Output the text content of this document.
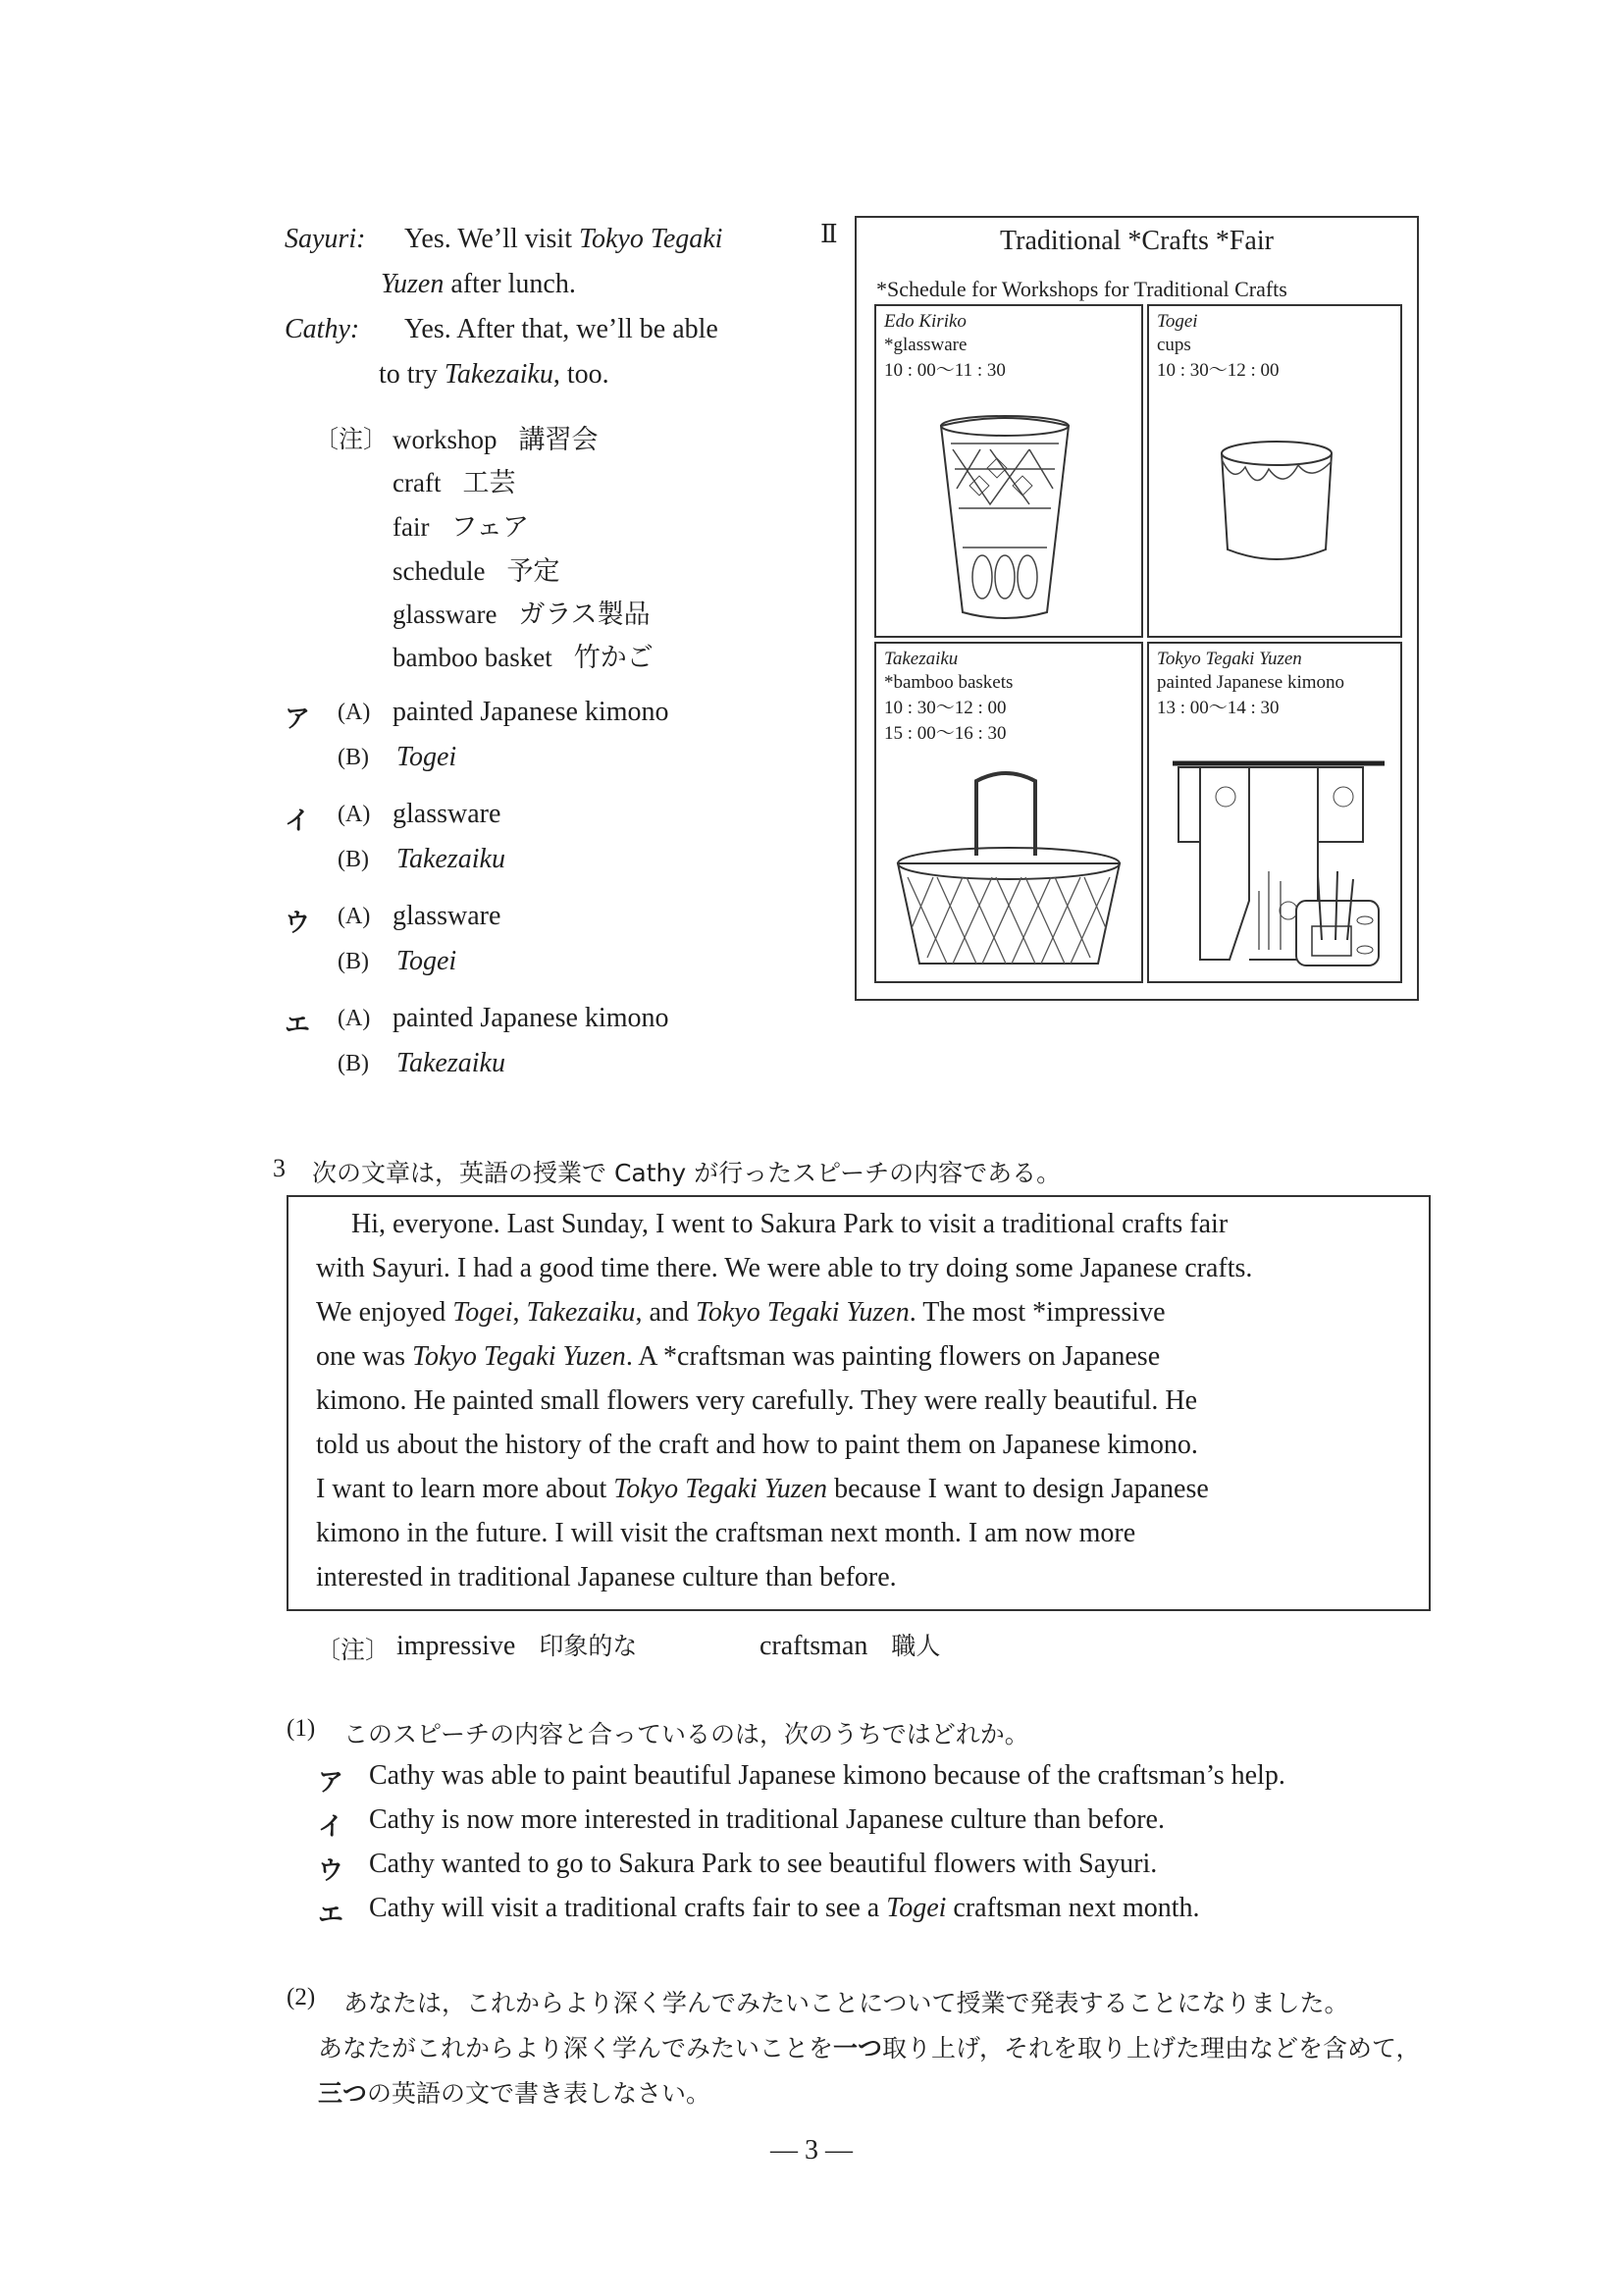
Sayuri: Yes. We’ll visit Tokyo Tegaki
Yuzen after lunch.
Cathy: Yes. After that, we’ll be able
to try Takezaiku, too.
〔注〕 workshop 講習会
craft 工芸
fair フェア
schedule 予定
glassware ガラス製品
bamboo basket 竹かご
ア (A) painted Japanese kimono
(B) Togei
イ (A) glassware
(B) Takezaiku
ウ (A) glassware
(B) Togei
エ (A) painted Japanese kimono
(B) Takezaiku
Ⅱ	Traditional *Crafts *Fair
*Schedule for Workshops for Traditional Crafts
Edo Kiriko
*glassware
10 : 00〜11 : 30
Togei
cups
10 : 30〜12 : 00
Takezaiku
*bamboo baskets
10 : 30〜12 : 00
15 : 00〜16 : 30
Tokyo Tegaki Yuzen
painted Japanese kimono
13 : 00〜14 : 30
3 次の文章は，英語の授業で Cathy が行ったスピーチの内容である。
Hi, everyone. Last Sunday, I went to Sakura Park to visit a traditional crafts fair
with Sayuri. I had a good time there. We were able to try doing some Japanese crafts.
We enjoyed Togei, Takezaiku, and Tokyo Tegaki Yuzen. The most *impressive
one was Tokyo Tegaki Yuzen. A *craftsman was painting flowers on Japanese
kimono. He painted small flowers very carefully. They were really beautiful. He
told us about the history of the craft and how to paint them on Japanese kimono.
I want to learn more about Tokyo Tegaki Yuzen because I want to design Japanese
kimono in the future. I will visit the craftsman next month. I am now more
interested in traditional Japanese culture than before.
〔注〕 impressive 印象的な	craftsman 職人
(1) このスピーチの内容と合っているのは，次のうちではどれか。
ア Cathy was able to paint beautiful Japanese kimono because of the craftsman’s help.
イ Cathy is now more interested in traditional Japanese culture than before.
ウ Cathy wanted to go to Sakura Park to see beautiful flowers with Sayuri.
エ Cathy will visit a traditional crafts fair to see a Togei craftsman next month.
(2) あなたは，これからより深く学んでみたいことについて授業で発表することになりました。
あなたがこれからより深く学んでみたいことを一つ取り上げ，それを取り上げた理由などを含めて，
三つの英語の文で書き表しなさい。
— 3 —
